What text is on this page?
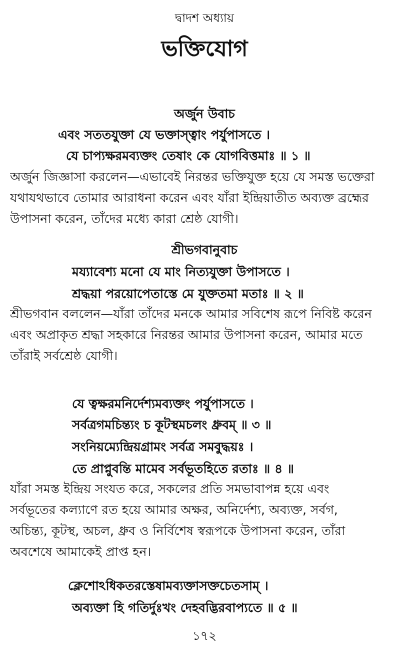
দ্বাদশ অধ্যায়
ভক্তিযোগ
অর্জুন উবাচ
এবং সততযুক্তা যে ভক্তাস্ত্বাং পর্যুপাসতে ।
যে চাপ্যক্ষরমব্যক্তং তেষাং কে যোগবিত্তমাঃ ॥ ১ ॥
অর্জুন জিজ্ঞাসা করলেন—এভাবেই নিরন্তর ভক্তিযুক্ত হয়ে যে সমস্ত ভক্তেরা
যথাযথভাবে তোমার আরাধনা করেন এবং যাঁরা ইন্দ্রিয়াতীত অব্যক্ত ব্রহ্মের
উপাসনা করেন, তাঁদের মধ্যে কারা শ্রেষ্ঠ যোগী।
শ্রীভগবানুবাচ
ময্যাবেশ্য মনো যে মাং নিত্যযুক্তা উপাসতে ।
শ্রদ্ধয়া পরয়োপেতাস্তে মে যুক্ততমা মতাঃ ॥ ২ ॥
শ্রীভগবান বললেন—যাঁরা তাঁদের মনকে আমার সবিশেষ রূপে নিবিষ্ট করেন
এবং অপ্রাকৃত শ্রদ্ধা সহকারে নিরন্তর আমার উপাসনা করেন, আমার মতে
তাঁরাই সর্বশ্রেষ্ঠ যোগী।
যে ত্বক্ষরমনির্দেশ্যমব্যক্তং পর্যুপাসতে ।
সর্বত্রগমচিন্ত্যং চ কূটস্থমচলং ধ্রুবম্ ॥ ৩ ॥
সংনিয়ম্যেন্দ্রিয়গ্রামং সর্বত্র সমবুদ্ধয়ঃ ।
তে প্রাপ্নুবন্তি মামেব সর্বভূতহিতে রতাঃ ॥ ৪ ॥
যাঁরা সমস্ত ইন্দ্রিয় সংযত করে, সকলের প্রতি সমভাবাপন্ন হয়ে এবং
সর্বভূতের কল্যাণে রত হয়ে আমার অক্ষর, অনির্দেশ্য, অব্যক্ত, সর্বগ,
অচিন্ত্য, কূটস্থ, অচল, ধ্রুব ও নির্বিশেষ স্বরূপকে উপাসনা করেন, তাঁরা
অবশেষে আমাকেই প্রাপ্ত হন।
ক্লেশোঽধিকতরস্তেষামব্যক্তাসক্তচেতসাম্ ।
অব্যক্তা হি গতির্দুঃখং দেহবদ্ভিরবাপ্যতে ॥ ৫ ॥
১৭২
